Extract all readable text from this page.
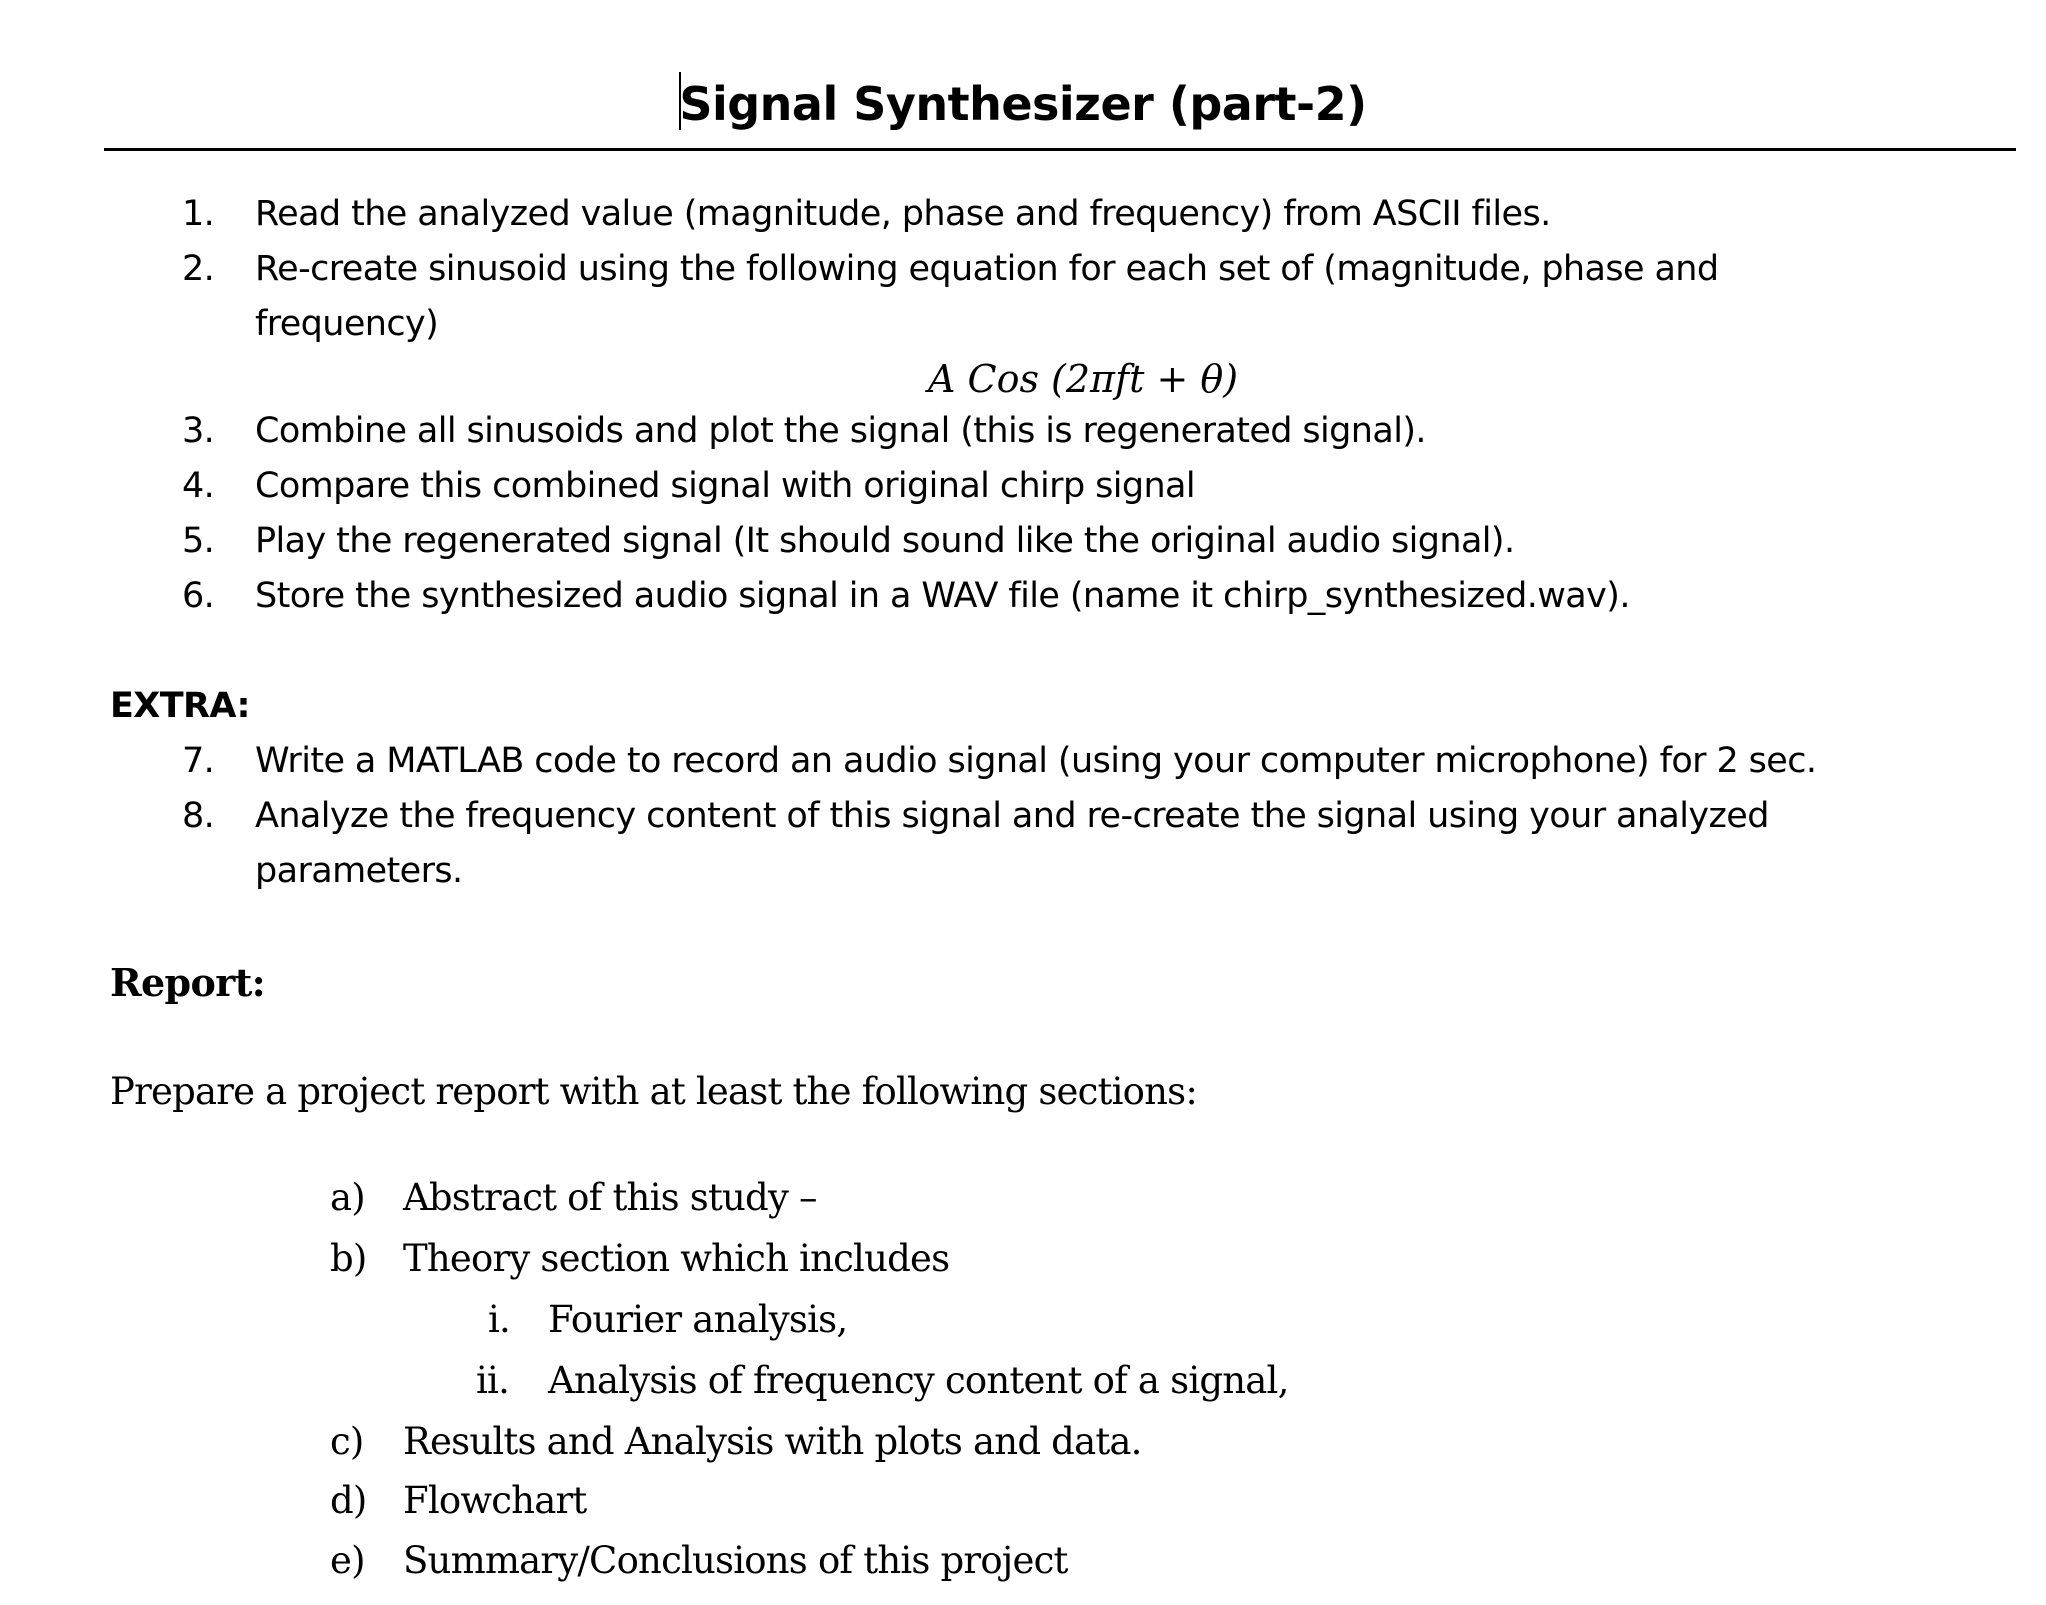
Signal Synthesizer (part-2)
1. Read the analyzed value (magnitude, phase and frequency) from ASCII files.
2. Re-create sinusoid using the following equation for each set of (magnitude, phase and
frequency)
A Cos (2πft + θ)
3. Combine all sinusoids and plot the signal (this is regenerated signal).
4. Compare this combined signal with original chirp signal
5. Play the regenerated signal (It should sound like the original audio signal).
6. Store the synthesized audio signal in a WAV file (name it chirp_synthesized.wav).
EXTRA:
7. Write a MATLAB code to record an audio signal (using your computer microphone) for 2 sec.
8. Analyze the frequency content of this signal and re-create the signal using your analyzed
parameters.
Report:
Prepare a project report with at least the following sections:
a) Abstract of this study –
b) Theory section which includes
i. Fourier analysis,
ii. Analysis of frequency content of a signal,
c) Results and Analysis with plots and data.
d) Flowchart
e) Summary/Conclusions of this project
